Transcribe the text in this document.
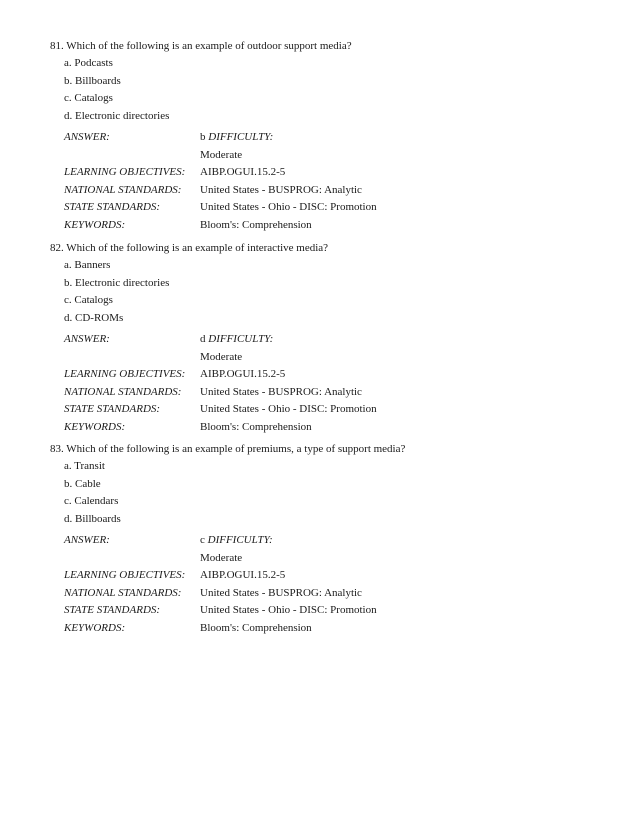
81. Which of the following is an example of outdoor support media?
a. Podcasts
b. Billboards
c. Catalogs
d. Electronic directories
ANSWER:	b DIFFICULTY:
Moderate
LEARNING OBJECTIVES:	AIBP.OGUI.15.2-5
NATIONAL STANDARDS:	United States - BUSPROG: Analytic
STATE STANDARDS:	United States - Ohio - DISC: Promotion
KEYWORDS:	Bloom's: Comprehension
82. Which of the following is an example of interactive media?
a. Banners
b. Electronic directories
c. Catalogs
d. CD-ROMs
ANSWER:	d DIFFICULTY:
Moderate
LEARNING OBJECTIVES:	AIBP.OGUI.15.2-5
NATIONAL STANDARDS:	United States - BUSPROG: Analytic
STATE STANDARDS:	United States - Ohio - DISC: Promotion
KEYWORDS:	Bloom's: Comprehension
83. Which of the following is an example of premiums, a type of support media?
a. Transit
b. Cable
c. Calendars
d. Billboards
ANSWER:	c DIFFICULTY:
Moderate
LEARNING OBJECTIVES:	AIBP.OGUI.15.2-5
NATIONAL STANDARDS:	United States - BUSPROG: Analytic
STATE STANDARDS:	United States - Ohio - DISC: Promotion
KEYWORDS:	Bloom's: Comprehension
